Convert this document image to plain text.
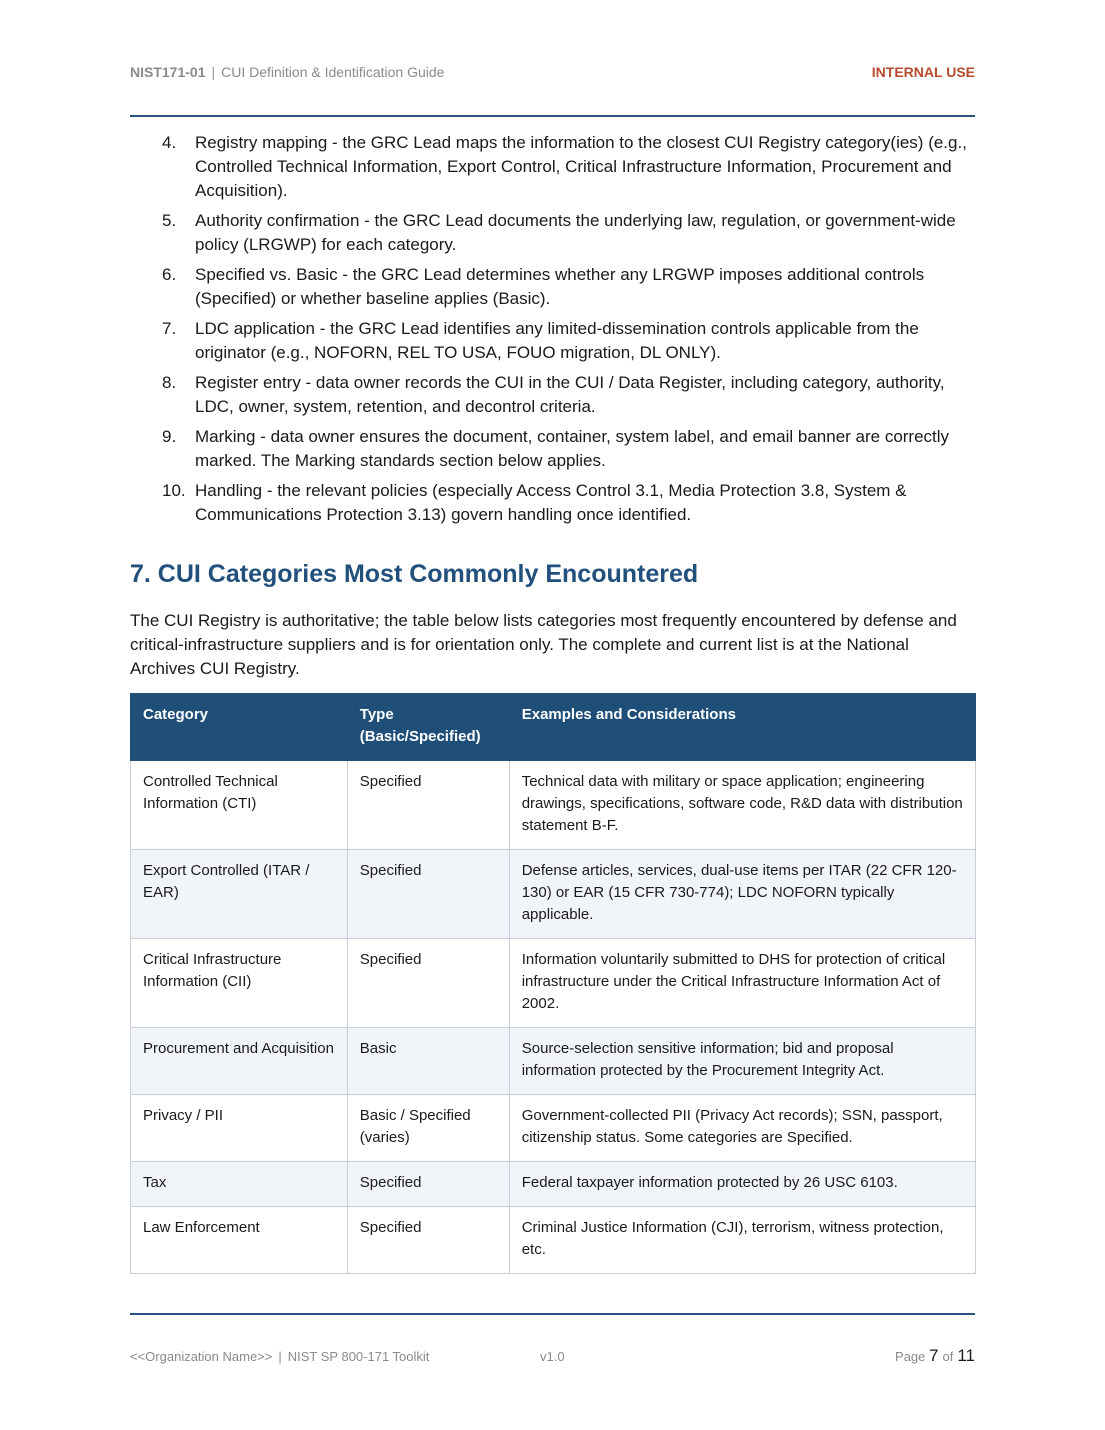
NIST171-01 | CUI Definition & Identification Guide	INTERNAL USE
4. Registry mapping - the GRC Lead maps the information to the closest CUI Registry category(ies) (e.g., Controlled Technical Information, Export Control, Critical Infrastructure Information, Procurement and Acquisition).
5. Authority confirmation - the GRC Lead documents the underlying law, regulation, or government-wide policy (LRGWP) for each category.
6. Specified vs. Basic - the GRC Lead determines whether any LRGWP imposes additional controls (Specified) or whether baseline applies (Basic).
7. LDC application - the GRC Lead identifies any limited-dissemination controls applicable from the originator (e.g., NOFORN, REL TO USA, FOUO migration, DL ONLY).
8. Register entry - data owner records the CUI in the CUI / Data Register, including category, authority, LDC, owner, system, retention, and decontrol criteria.
9. Marking - data owner ensures the document, container, system label, and email banner are correctly marked. The Marking standards section below applies.
10. Handling - the relevant policies (especially Access Control 3.1, Media Protection 3.8, System & Communications Protection 3.13) govern handling once identified.
7. CUI Categories Most Commonly Encountered

The CUI Registry is authoritative; the table below lists categories most frequently encountered by defense and critical-infrastructure suppliers and is for orientation only. The complete and current list is at the National Archives CUI Registry.

Category	Type (Basic/Specified)	Examples and Considerations
Controlled Technical Information (CTI)	Specified	Technical data with military or space application; engineering drawings, specifications, software code, R&D data with distribution statement B-F.
Export Controlled (ITAR / EAR)	Specified	Defense articles, services, dual-use items per ITAR (22 CFR 120-130) or EAR (15 CFR 730-774); LDC NOFORN typically applicable.
Critical Infrastructure Information (CII)	Specified	Information voluntarily submitted to DHS for protection of critical infrastructure under the Critical Infrastructure Information Act of 2002.
Procurement and Acquisition	Basic	Source-selection sensitive information; bid and proposal information protected by the Procurement Integrity Act.
Privacy / PII	Basic / Specified (varies)	Government-collected PII (Privacy Act records); SSN, passport, citizenship status. Some categories are Specified.
Tax	Specified	Federal taxpayer information protected by 26 USC 6103.
Law Enforcement	Specified	Criminal Justice Information (CJI), terrorism, witness protection, etc.
<<Organization Name>> | NIST SP 800-171 Toolkit	v1.0	Page 7 of 11
